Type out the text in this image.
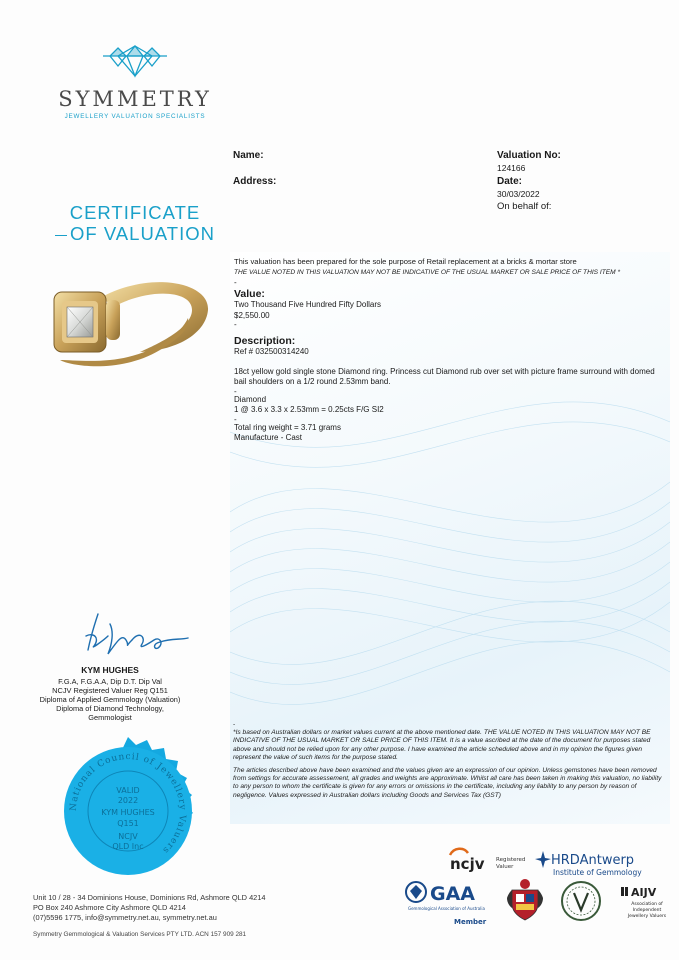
SYMMETRY
JEWELLERY VALUATION SPECIALISTS
CERTIFICATE
OF VALUATION
Name:
Address:
Valuation No:
124166
Date:
30/03/2022
On behalf of:

This valuation has been prepared for the sole purpose of Retail replacement at a bricks & mortar store

THE VALUE NOTED IN THIS VALUATION MAY NOT BE INDICATIVE OF THE USUAL MARKET OR SALE PRICE OF THIS ITEM *

-

Value:

Two Thousand Five Hundred Fifty Dollars

$2,550.00

-

Description:

Ref # 032500314240

18ct yellow gold single stone Diamond ring. Princess cut Diamond rub over set with picture frame surround with domed bail shoulders on a 1/2 round 2.53mm band.

-

Diamond

1 @ 3.6 x 3.3 x 2.53mm = 0.25cts F/G SI2

-

Total ring weight = 3.71 grams

Manufacture - Cast

-

*Is based on Australian dollars or market values current at the above mentioned date. THE VALUE NOTED IN THIS VALUATION MAY NOT BE INDICATIVE OF THE USUAL MARKET OR SALE PRICE OF THIS ITEM. It is a value ascribed at the date of the document for purposes stated above and should not be relied upon for any other purpose. I have examined the article scheduled above and in my opinion the figures given represent the value of such items for the purpose stated.

The articles described above have been examined and the values given are an expression of our opinion. Unless gemstones have been removed from settings for accurate assessement, all grades and weights are approximate. Whilst all care has been taken in making this valuation, no liability to any person to whom the certificate is given for any errors or omissions in the certificate, including any liability to any person by reason of negligence. Values expressed in Australian dollars including Goods and Services Tax (GST)

KYM HUGHES
F.G.A, F.G.A.A, Dip D.T. Dip Val
NCJV Registered Valuer Reg Q151
Diploma of Applied Gemmology (Valuation)
Diploma of Diamond Technology,
Gemmologist
National Council of Jewellery Valuers
VALID
2022
KYM HUGHES
Q151
NCJV
QLD Inc
Unit 10 / 28 - 34 Dominions House, Dominions Rd, Ashmore QLD 4214
PO Box 240 Ashmore City Ashmore QLD 4214
(07)5596 1775, info@symmetry.net.au, symmetry.net.au
Symmetry Gemmological & Valuation Services PTY LTD. ACN 157 909 281
ncjv Registered
Valuer	HRDAntwerp
Institute of Gemmology
GAA
Gemmological Association of Australia
Member
AIJV
Association of
Independent
Jewellery Valuers
